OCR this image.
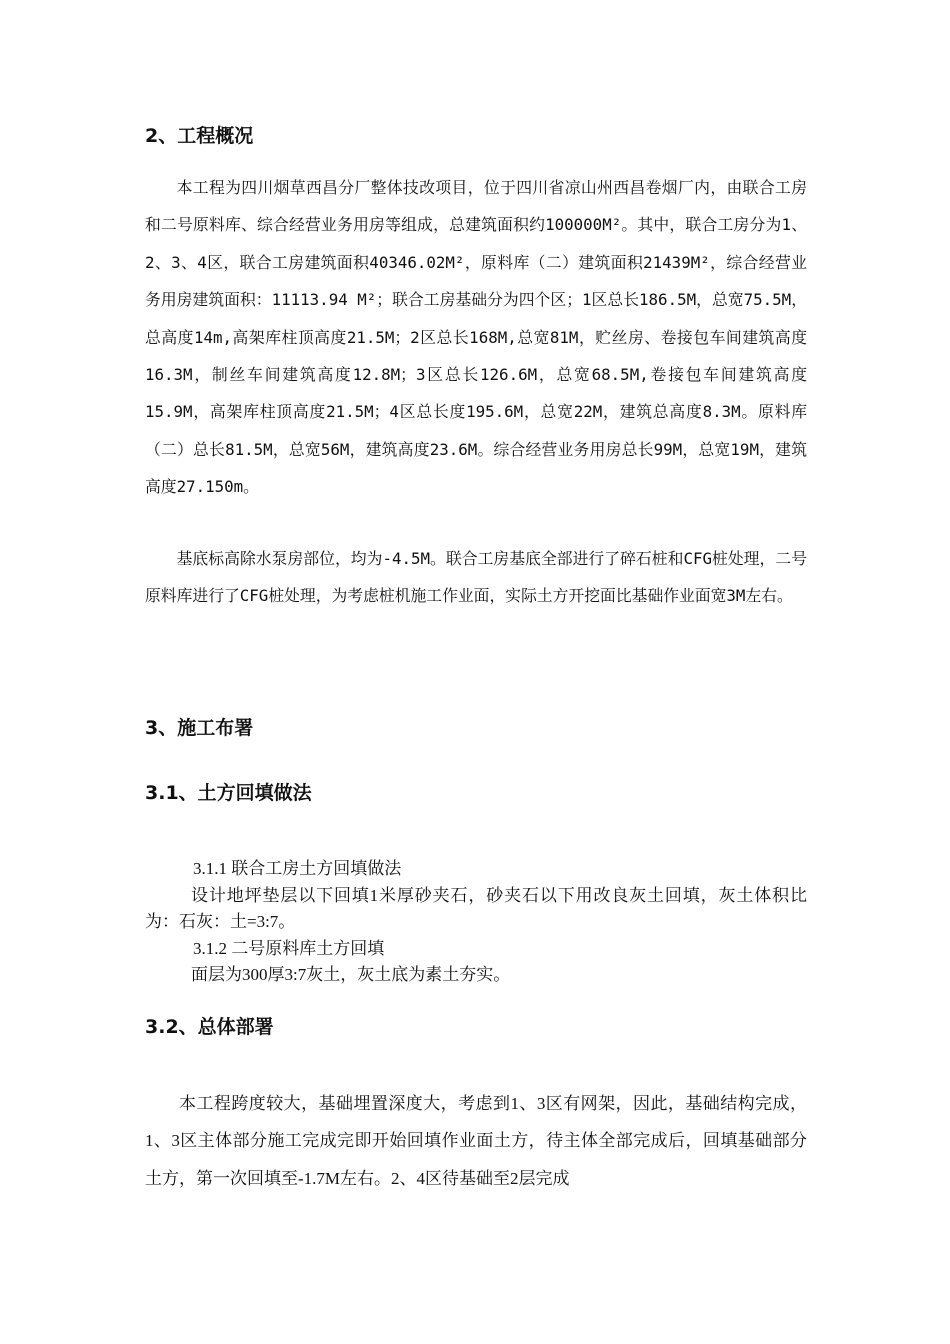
2、工程概况

本工程为四川烟草西昌分厂整体技改项目，位于四川省凉山州西昌卷烟厂内，由联合工房和二号原料库、综合经营业务用房等组成，总建筑面积约100000M²。其中，联合工房分为1、2、3、4区，联合工房建筑面积40346.02M²，原料库（二）建筑面积21439M²，综合经营业务用房建筑面积：11113.94 M²；联合工房基础分为四个区；1区总长186.5M，总宽75.5M，总高度14m,高架库柱顶高度21.5M；2区总长168M,总宽81M，贮丝房、卷接包车间建筑高度16.3M，制丝车间建筑高度12.8M；3区总长126.6M，总宽68.5M,卷接包车间建筑高度15.9M，高架库柱顶高度21.5M；4区总长度195.6M，总宽22M，建筑总高度8.3M。原料库（二）总长81.5M，总宽56M，建筑高度23.6M。综合经营业务用房总长99M，总宽19M，建筑高度27.150m。

基底标高除水泵房部位，均为-4.5M。联合工房基底全部进行了碎石桩和CFG桩处理，二号原料库进行了CFG桩处理，为考虑桩机施工作业面，实际土方开挖面比基础作业面宽3M左右。

3、施工布署
3.1、土方回填做法
3.1.1 联合工房土方回填做法
设计地坪垫层以下回填1米厚砂夹石，砂夹石以下用改良灰土回填，灰土体积比为：石灰：土=3:7。
3.1.2 二号原料库土方回填
面层为300厚3:7灰土，灰土底为素土夯实。
3.2、总体部署

本工程跨度较大，基础埋置深度大，考虑到1、3区有网架，因此，基础结构完成，1、3区主体部分施工完成完即开始回填作业面土方，待主体全部完成后，回填基础部分土方，第一次回填至-1.7M左右。2、4区待基础至2层完成
